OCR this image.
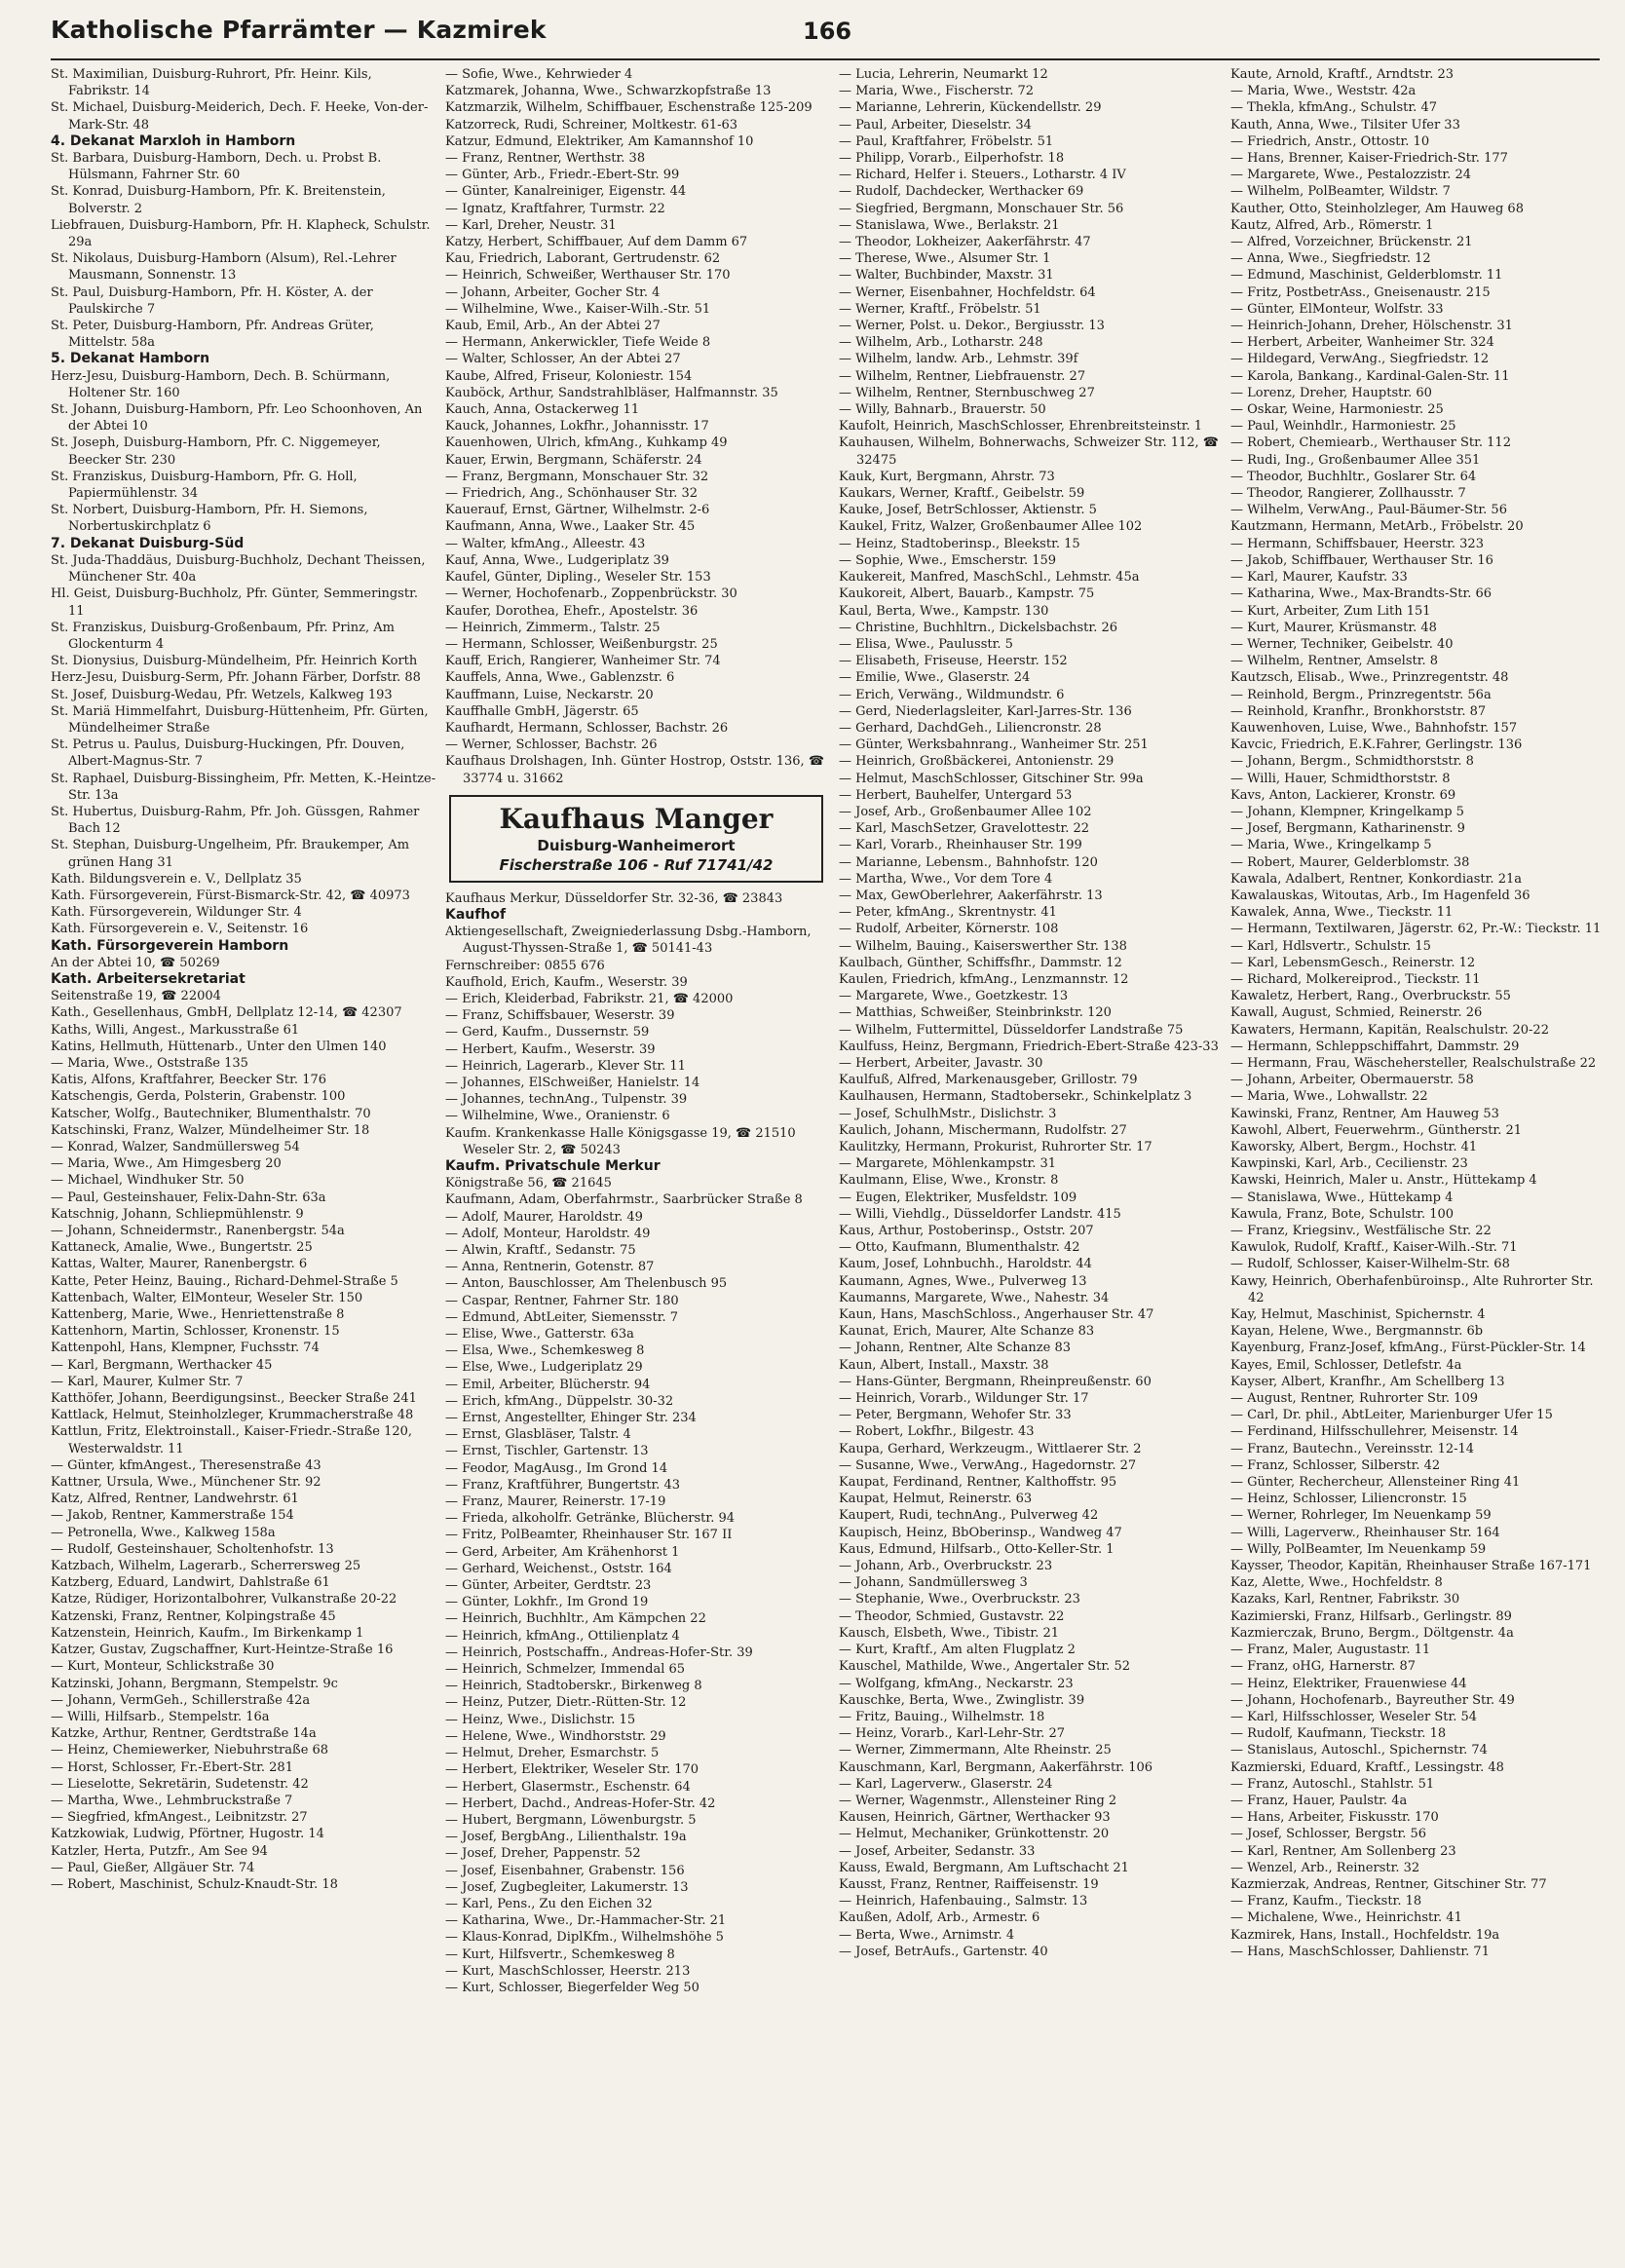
Katholische Pfarrämter — Kazmirek	166
St. Maximilian, Duisburg-Ruhrort, Pfr. Heinr. Kils, Fabrikstr. 14
St. Michael, Duisburg-Meiderich, Dech. F. Heeke, Von-der-Mark-Str. 48
4. Dekanat Marxloh in Hamborn
St. Barbara, Duisburg-Hamborn, Dech. u. Probst B. Hülsmann, Fahrner Str. 60
St. Konrad, Duisburg-Hamborn, Pfr. K. Breitenstein, Bolverstr. 2
Liebfrauen, Duisburg-Hamborn, Pfr. H. Klapheck, Schulstr. 29a
St. Nikolaus, Duisburg-Hamborn (Alsum), Rel.-Lehrer Mausmann, Sonnenstr. 13
St. Paul, Duisburg-Hamborn, Pfr. H. Köster, A. der Paulskirche 7
St. Peter, Duisburg-Hamborn, Pfr. Andreas Grüter, Mittelstr. 58a
5. Dekanat Hamborn
Herz-Jesu, Duisburg-Hamborn, Dech. B. Schürmann, Holtener Str. 160
St. Johann, Duisburg-Hamborn, Pfr. Leo Schoonhoven, An der Abtei 10
St. Joseph, Duisburg-Hamborn, Pfr. C. Niggemeyer, Beecker Str. 230
St. Franziskus, Duisburg-Hamborn, Pfr. G. Holl, Papiermühlenstr. 34
St. Norbert, Duisburg-Hamborn, Pfr. H. Siemons, Norbertuskirchplatz 6
7. Dekanat Duisburg-Süd
St. Juda-Thaddäus, Duisburg-Buchholz, Dechant Theissen, Münchener Str. 40a
Hl. Geist, Duisburg-Buchholz, Pfr. Günter, Semmeringstr. 11
St. Franziskus, Duisburg-Großenbaum, Pfr. Prinz, Am Glockenturm 4
St. Dionysius, Duisburg-Mündelheim, Pfr. Heinrich Korth
Herz-Jesu, Duisburg-Serm, Pfr. Johann Färber, Dorfstr. 88
St. Josef, Duisburg-Wedau, Pfr. Wetzels, Kalkweg 193
St. Mariä Himmelfahrt, Duisburg-Hüttenheim, Pfr. Gürten, Mündelheimer Straße
St. Petrus u. Paulus, Duisburg-Huckingen, Pfr. Douven, Albert-Magnus-Str. 7
St. Raphael, Duisburg-Bissingheim, Pfr. Metten, K.-Heintze-Str. 13a
St. Hubertus, Duisburg-Rahm, Pfr. Joh. Güssgen, Rahmer Bach 12
St. Stephan, Duisburg-Ungelheim, Pfr. Braukemper, Am grünen Hang 31
Kath. Bildungsverein e. V., Dellplatz 35
Kath. Fürsorgeverein, Fürst-Bismarck-Str. 42, ☎ 40973
Kath. Fürsorgeverein, Wildunger Str. 4
Kath. Fürsorgeverein e. V., Seitenstr. 16
Kath. Fürsorgeverein Hamborn
An der Abtei 10, ☎ 50269
Kath. Arbeitersekretariat
Seitenstraße 19, ☎ 22004
Kath., Gesellenhaus, GmbH, Dellplatz 12-14, ☎ 42307
Kaths, Willi, Angest., Markusstraße 61
Katins, Hellmuth, Hüttenarb., Unter den Ulmen 140
— Maria, Wwe., Oststraße 135
Katis, Alfons, Kraftfahrer, Beecker Str. 176
Katschengis, Gerda, Polsterin, Grabenstr. 100
Katscher, Wolfg., Bautechniker, Blumenthalstr. 70
Katschinski, Franz, Walzer, Mündelheimer Str. 18
— Konrad, Walzer, Sandmüllersweg 54
— Maria, Wwe., Am Himgesberg 20
— Michael, Windhuker Str. 50
— Paul, Gesteinshauer, Felix-Dahn-Str. 63a
Katschnig, Johann, Schliepmühlenstr. 9
— Johann, Schneidermstr., Ranenbergstr. 54a
Kattaneck, Amalie, Wwe., Bungertstr. 25
Kattas, Walter, Maurer, Ranenbergstr. 6
Katte, Peter Heinz, Bauing., Richard-Dehmel-Straße 5
Kattenbach, Walter, ElMonteur, Weseler Str. 150
Kattenberg, Marie, Wwe., Henriettenstraße 8
Kattenhorn, Martin, Schlosser, Kronenstr. 15
Kattenpohl, Hans, Klempner, Fuchsstr. 74
— Karl, Bergmann, Werthacker 45
— Karl, Maurer, Kulmer Str. 7
Katthöfer, Johann, Beerdigungsinst., Beecker Straße 241
Kattlack, Helmut, Steinholzleger, Krummacherstraße 48
Kattlun, Fritz, Elektroinstall., Kaiser-Friedr.-Straße 120, Westerwaldstr. 11
— Günter, kfmAngest., Theresenstraße 43
Kattner, Ursula, Wwe., Münchener Str. 92
Katz, Alfred, Rentner, Landwehrstr. 61
— Jakob, Rentner, Kammerstraße 154
— Petronella, Wwe., Kalkweg 158a
— Rudolf, Gesteinshauer, Scholtenhofstr. 13
Katzbach, Wilhelm, Lagerarb., Scherrersweg 25
Katzberg, Eduard, Landwirt, Dahlstraße 61
Katze, Rüdiger, Horizontalbohrer, Vulkanstraße 20-22
Katzenski, Franz, Rentner, Kolpingstraße 45
Katzenstein, Heinrich, Kaufm., Im Birkenkamp 1
Katzer, Gustav, Zugschaffner, Kurt-Heintze-Straße 16
— Kurt, Monteur, Schlickstraße 30
Katzinski, Johann, Bergmann, Stempelstr. 9c
— Johann, VermGeh., Schillerstraße 42a
— Willi, Hilfsarb., Stempelstr. 16a
Katzke, Arthur, Rentner, Gerdtstraße 14a
— Heinz, Chemiewerker, Niebuhrstraße 68
— Horst, Schlosser, Fr.-Ebert-Str. 281
— Lieselotte, Sekretärin, Sudetenstr. 42
— Martha, Wwe., Lehmbruckstraße 7
— Siegfried, kfmAngest., Leibnitzstr. 27
Katzkowiak, Ludwig, Pförtner, Hugostr. 14
Katzler, Herta, Putzfr., Am See 94
— Paul, Gießer, Allgäuer Str. 74
— Robert, Maschinist, Schulz-Knaudt-Str. 18
— Sofie, Wwe., Kehrwieder 4
Katzmarek, Johanna, Wwe., Schwarzkopfstraße 13
Katzmarzik, Wilhelm, Schiffbauer, Eschenstraße 125-209
Katzorreck, Rudi, Schreiner, Moltkestr. 61-63
Katzur, Edmund, Elektriker, Am Kamannshof 10
— Franz, Rentner, Werthstr. 38
— Günter, Arb., Friedr.-Ebert-Str. 99
— Günter, Kanalreiniger, Eigenstr. 44
— Ignatz, Kraftfahrer, Turmstr. 22
— Karl, Dreher, Neustr. 31
Katzy, Herbert, Schiffbauer, Auf dem Damm 67
Kau, Friedrich, Laborant, Gertrudenstr. 62
— Heinrich, Schweißer, Werthauser Str. 170
— Johann, Arbeiter, Gocher Str. 4
— Wilhelmine, Wwe., Kaiser-Wilh.-Str. 51
Kaub, Emil, Arb., An der Abtei 27
— Hermann, Ankerwickler, Tiefe Weide 8
— Walter, Schlosser, An der Abtei 27
Kaube, Alfred, Friseur, Koloniestr. 154
Kauböck, Arthur, Sandstrahlbläser, Halfmannstr. 35
Kauch, Anna, Ostackerweg 11
Kauck, Johannes, Lokfhr., Johannisstr. 17
Kauenhowen, Ulrich, kfmAng., Kuhkamp 49
Kauer, Erwin, Bergmann, Schäferstr. 24
— Franz, Bergmann, Monschauer Str. 32
— Friedrich, Ang., Schönhauser Str. 32
Kauerauf, Ernst, Gärtner, Wilhelmstr. 2-6
Kaufmann, Anna, Wwe., Laaker Str. 45
— Walter, kfmAng., Alleestr. 43
Kauf, Anna, Wwe., Ludgeriplatz 39
Kaufel, Günter, Dipling., Weseler Str. 153
— Werner, Hochofenarb., Zoppenbrückstr. 30
Kaufer, Dorothea, Ehefr., Apostelstr. 36
— Heinrich, Zimmerm., Talstr. 25
— Hermann, Schlosser, Weißenburgstr. 25
Kauff, Erich, Rangierer, Wanheimer Str. 74
Kauffels, Anna, Wwe., Gablenzstr. 6
Kauffmann, Luise, Neckarstr. 20
Kauffhalle GmbH, Jägerstr. 65
Kaufhardt, Hermann, Schlosser, Bachstr. 26
— Werner, Schlosser, Bachstr. 26
Kaufhaus Drolshagen, Inh. Günter Hostrop, Oststr. 136, ☎ 33774 u. 31662
Kaufhaus Manger
Duisburg-Wanheimerort
Fischerstraße 106 - Ruf 71741/42
Kaufhaus Merkur, Düsseldorfer Str. 32-36, ☎ 23843
Kaufhof
Aktiengesellschaft, Zweigniederlassung Dsbg.-Hamborn, August-Thyssen-Straße 1, ☎ 50141-43
Fernschreiber: 0855 676
Kaufhold, Erich, Kaufm., Weserstr. 39
— Erich, Kleiderbad, Fabrikstr. 21, ☎ 42000
— Franz, Schiffsbauer, Weserstr. 39
— Gerd, Kaufm., Dussernstr. 59
— Herbert, Kaufm., Weserstr. 39
— Heinrich, Lagerarb., Klever Str. 11
— Johannes, ElSchweißer, Hanielstr. 14
— Johannes, technAng., Tulpenstr. 39
— Wilhelmine, Wwe., Oranienstr. 6
Kaufm. Krankenkasse Halle Königsgasse 19, ☎ 21510 Weseler Str. 2, ☎ 50243
Kaufm. Privatschule Merkur
Königstraße 56, ☎ 21645
Kaufmann, Adam, Oberfahrmstr., Saarbrücker Straße 8
— Adolf, Maurer, Haroldstr. 49
— Adolf, Monteur, Haroldstr. 49
— Alwin, Kraftf., Sedanstr. 75
— Anna, Rentnerin, Gotenstr. 87
— Anton, Bauschlosser, Am Thelenbusch 95
— Caspar, Rentner, Fahrner Str. 180
— Edmund, AbtLeiter, Siemensstr. 7
— Elise, Wwe., Gatterstr. 63a
— Elsa, Wwe., Schemkesweg 8
— Else, Wwe., Ludgeriplatz 29
— Emil, Arbeiter, Blücherstr. 94
— Erich, kfmAng., Düppelstr. 30-32
— Ernst, Angestellter, Ehinger Str. 234
— Ernst, Glasbläser, Talstr. 4
— Ernst, Tischler, Gartenstr. 13
— Feodor, MagAusg., Im Grond 14
— Franz, Kraftführer, Bungertstr. 43
— Franz, Maurer, Reinerstr. 17-19
— Frieda, alkoholfr. Getränke, Blücherstr. 94
— Fritz, PolBeamter, Rheinhauser Str. 167 II
— Gerd, Arbeiter, Am Krähenhorst 1
— Gerhard, Weichenst., Oststr. 164
— Günter, Arbeiter, Gerdtstr. 23
— Günter, Lokhfr., Im Grond 19
— Heinrich, Buchhltr., Am Kämpchen 22
— Heinrich, kfmAng., Ottilienplatz 4
— Heinrich, Postschaffn., Andreas-Hofer-Str. 39
— Heinrich, Schmelzer, Immendal 65
— Heinrich, Stadtoberskr., Birkenweg 8
— Heinz, Putzer, Dietr.-Rütten-Str. 12
— Heinz, Wwe., Dislichstr. 15
— Helene, Wwe., Windhorststr. 29
— Helmut, Dreher, Esmarchstr. 5
— Herbert, Elektriker, Weseler Str. 170
— Herbert, Glasermstr., Eschenstr. 64
— Herbert, Dachd., Andreas-Hofer-Str. 42
— Hubert, Bergmann, Löwenburgstr. 5
— Josef, BergbAng., Lilienthalstr. 19a
— Josef, Dreher, Pappenstr. 52
— Josef, Eisenbahner, Grabenstr. 156
— Josef, Zugbegleiter, Lakumerstr. 13
— Karl, Pens., Zu den Eichen 32
— Katharina, Wwe., Dr.-Hammacher-Str. 21
— Klaus-Konrad, DiplKfm., Wilhelmshöhe 5
— Kurt, Hilfsvertr., Schemkesweg 8
— Kurt, MaschSchlosser, Heerstr. 213
— Kurt, Schlosser, Biegerfelder Weg 50
— Lucia, Lehrerin, Neumarkt 12
— Maria, Wwe., Fischerstr. 72
— Marianne, Lehrerin, Kückendellstr. 29
— Paul, Arbeiter, Dieselstr. 34
— Paul, Kraftfahrer, Fröbelstr. 51
— Philipp, Vorarb., Eilperhofstr. 18
— Richard, Helfer i. Steuers., Lotharstr. 4 IV
— Rudolf, Dachdecker, Werthacker 69
— Siegfried, Bergmann, Monschauer Str. 56
— Stanislawa, Wwe., Berlakstr. 21
— Theodor, Lokheizer, Aakerfährstr. 47
— Therese, Wwe., Alsumer Str. 1
— Walter, Buchbinder, Maxstr. 31
— Werner, Eisenbahner, Hochfeldstr. 64
— Werner, Kraftf., Fröbelstr. 51
— Werner, Polst. u. Dekor., Bergiusstr. 13
— Wilhelm, Arb., Lotharstr. 248
— Wilhelm, landw. Arb., Lehmstr. 39f
— Wilhelm, Rentner, Liebfrauenstr. 27
— Wilhelm, Rentner, Sternbuschweg 27
— Willy, Bahnarb., Brauerstr. 50
Kaufolt, Heinrich, MaschSchlosser, Ehrenbreitsteinstr. 1
Kauhausen, Wilhelm, Bohnerwachs, Schweizer Str. 112, ☎ 32475
Kauk, Kurt, Bergmann, Ahrstr. 73
Kaukars, Werner, Kraftf., Geibelstr. 59
Kauke, Josef, BetrSchlosser, Aktienstr. 5
Kaukel, Fritz, Walzer, Großenbaumer Allee 102
— Heinz, Stadtoberinsp., Bleekstr. 15
— Sophie, Wwe., Emscherstr. 159
Kaukereit, Manfred, MaschSchl., Lehmstr. 45a
Kaukoreit, Albert, Bauarb., Kampstr. 75
Kaul, Berta, Wwe., Kampstr. 130
— Christine, Buchhltrn., Dickelsbachstr. 26
— Elisa, Wwe., Paulusstr. 5
— Elisabeth, Friseuse, Heerstr. 152
— Emilie, Wwe., Glaserstr. 24
— Erich, Verwäng., Wildmundstr. 6
— Gerd, Niederlagsleiter, Karl-Jarres-Str. 136
— Gerhard, DachdGeh., Liliencronstr. 28
— Günter, Werksbahnrang., Wanheimer Str. 251
— Heinrich, Großbäckerei, Antonienstr. 29
— Helmut, MaschSchlosser, Gitschiner Str. 99a
— Herbert, Bauhelfer, Untergard 53
— Josef, Arb., Großenbaumer Allee 102
— Karl, MaschSetzer, Gravelottestr. 22
— Karl, Vorarb., Rheinhauser Str. 199
— Marianne, Lebensm., Bahnhofstr. 120
— Martha, Wwe., Vor dem Tore 4
— Max, GewOberlehrer, Aakerfährstr. 13
— Peter, kfmAng., Skrentnystr. 41
— Rudolf, Arbeiter, Körnerstr. 108
— Wilhelm, Bauing., Kaiserswerther Str. 138
Kaulbach, Günther, Schiffsfhr., Dammstr. 12
Kaulen, Friedrich, kfmAng., Lenzmannstr. 12
— Margarete, Wwe., Goetzkestr. 13
— Matthias, Schweißer, Steinbrinkstr. 120
— Wilhelm, Futtermittel, Düsseldorfer Landstraße 75
Kaulfuss, Heinz, Bergmann, Friedrich-Ebert-Straße 423-33
— Herbert, Arbeiter, Javastr. 30
Kaulfuß, Alfred, Markenausgeber, Grillostr. 79
Kaulhausen, Hermann, Stadtobersekr., Schinkelplatz 3
— Josef, SchulhMstr., Dislichstr. 3
Kaulich, Johann, Mischermann, Rudolfstr. 27
Kaulitzky, Hermann, Prokurist, Ruhrorter Str. 17
— Margarete, Möhlenkampstr. 31
Kaulmann, Elise, Wwe., Kronstr. 8
— Eugen, Elektriker, Musfeldstr. 109
— Willi, Viehdlg., Düsseldorfer Landstr. 415
Kaus, Arthur, Postoberinsp., Oststr. 207
— Otto, Kaufmann, Blumenthalstr. 42
Kaum, Josef, Lohnbuchh., Haroldstr. 44
Kaumann, Agnes, Wwe., Pulverweg 13
Kaumanns, Margarete, Wwe., Nahestr. 34
Kaun, Hans, MaschSchloss., Angerhauser Str. 47
Kaunat, Erich, Maurer, Alte Schanze 83
— Johann, Rentner, Alte Schanze 83
Kaun, Albert, Install., Maxstr. 38
— Hans-Günter, Bergmann, Rheinpreußenstr. 60
— Heinrich, Vorarb., Wildunger Str. 17
— Peter, Bergmann, Wehofer Str. 33
— Robert, Lokfhr., Bilgestr. 43
Kaupa, Gerhard, Werkzeugm., Wittlaerer Str. 2
— Susanne, Wwe., VerwAng., Hagedornstr. 27
Kaupat, Ferdinand, Rentner, Kalthoffstr. 95
Kaupat, Helmut, Reinerstr. 63
Kaupert, Rudi, technAng., Pulverweg 42
Kaupisch, Heinz, BbOberinsp., Wandweg 47
Kaus, Edmund, Hilfsarb., Otto-Keller-Str. 1
— Johann, Arb., Overbruckstr. 23
— Johann, Sandmüllersweg 3
— Stephanie, Wwe., Overbruckstr. 23
— Theodor, Schmied, Gustavstr. 22
Kausch, Elsbeth, Wwe., Tibistr. 21
— Kurt, Kraftf., Am alten Flugplatz 2
Kauschel, Mathilde, Wwe., Angertaler Str. 52
— Wolfgang, kfmAng., Neckarstr. 23
Kauschke, Berta, Wwe., Zwinglistr. 39
— Fritz, Bauing., Wilhelmstr. 18
— Heinz, Vorarb., Karl-Lehr-Str. 27
— Werner, Zimmermann, Alte Rheinstr. 25
Kauschmann, Karl, Bergmann, Aakerfährstr. 106
— Karl, Lagerverw., Glaserstr. 24
— Werner, Wagenmstr., Allensteiner Ring 2
Kausen, Heinrich, Gärtner, Werthacker 93
— Helmut, Mechaniker, Grünkottenstr. 20
— Josef, Arbeiter, Sedanstr. 33
Kauss, Ewald, Bergmann, Am Luftschacht 21
Kausst, Franz, Rentner, Raiffeisenstr. 19
— Heinrich, Hafenbauing., Salmstr. 13
Kaußen, Adolf, Arb., Armestr. 6
— Berta, Wwe., Arnimstr. 4
— Josef, BetrAufs., Gartenstr. 40
Kaute, Arnold, Kraftf., Arndtstr. 23
— Maria, Wwe., Weststr. 42a
— Thekla, kfmAng., Schulstr. 47
Kauth, Anna, Wwe., Tilsiter Ufer 33
— Friedrich, Anstr., Ottostr. 10
— Hans, Brenner, Kaiser-Friedrich-Str. 177
— Margarete, Wwe., Pestalozzistr. 24
— Wilhelm, PolBeamter, Wildstr. 7
Kauther, Otto, Steinholzleger, Am Hauweg 68
Kautz, Alfred, Arb., Römerstr. 1
— Alfred, Vorzeichner, Brückenstr. 21
— Anna, Wwe., Siegfriedstr. 12
— Edmund, Maschinist, Gelderblomstr. 11
— Fritz, PostbetrAss., Gneisenaustr. 215
— Günter, ElMonteur, Wolfstr. 33
— Heinrich-Johann, Dreher, Hölschenstr. 31
— Herbert, Arbeiter, Wanheimer Str. 324
— Hildegard, VerwAng., Siegfriedstr. 12
— Karola, Bankang., Kardinal-Galen-Str. 11
— Lorenz, Dreher, Hauptstr. 60
— Oskar, Weine, Harmoniestr. 25
— Paul, Weinhdlr., Harmoniestr. 25
— Robert, Chemiearb., Werthauser Str. 112
— Rudi, Ing., Großenbaumer Allee 351
— Theodor, Buchhltr., Goslarer Str. 64
— Theodor, Rangierer, Zollhausstr. 7
— Wilhelm, VerwAng., Paul-Bäumer-Str. 56
Kautzmann, Hermann, MetArb., Fröbelstr. 20
— Hermann, Schiffsbauer, Heerstr. 323
— Jakob, Schiffbauer, Werthauser Str. 16
— Karl, Maurer, Kaufstr. 33
— Katharina, Wwe., Max-Brandts-Str. 66
— Kurt, Arbeiter, Zum Lith 151
— Kurt, Maurer, Krüsmanstr. 48
— Werner, Techniker, Geibelstr. 40
— Wilhelm, Rentner, Amselstr. 8
Kautzsch, Elisab., Wwe., Prinzregentstr. 48
— Reinhold, Bergm., Prinzregentstr. 56a
— Reinhold, Kranfhr., Bronkhorststr. 87
Kauwenhoven, Luise, Wwe., Bahnhofstr. 157
Kavcic, Friedrich, E.K.Fahrer, Gerlingstr. 136
— Johann, Bergm., Schmidthorststr. 8
— Willi, Hauer, Schmidthorststr. 8
Kavs, Anton, Lackierer, Kronstr. 69
— Johann, Klempner, Kringelkamp 5
— Josef, Bergmann, Katharinenstr. 9
— Maria, Wwe., Kringelkamp 5
— Robert, Maurer, Gelderblomstr. 38
Kawala, Adalbert, Rentner, Konkordiastr. 21a
Kawalauskas, Witoutas, Arb., Im Hagenfeld 36
Kawalek, Anna, Wwe., Tieckstr. 11
— Hermann, Textilwaren, Jägerstr. 62, Pr.-W.: Tieckstr. 11
— Karl, Hdlsvertr., Schulstr. 15
— Karl, LebensmGesch., Reinerstr. 12
— Richard, Molkereiprod., Tieckstr. 11
Kawaletz, Herbert, Rang., Overbruckstr. 55
Kawall, August, Schmied, Reinerstr. 26
Kawaters, Hermann, Kapitän, Realschulstr. 20-22
— Hermann, Schleppschiffahrt, Dammstr. 29
— Hermann, Frau, Wäschehersteller, Realschulstraße 22
— Johann, Arbeiter, Obermauerstr. 58
— Maria, Wwe., Lohwallstr. 22
Kawinski, Franz, Rentner, Am Hauweg 53
Kawohl, Albert, Feuerwehrm., Güntherstr. 21
Kaworsky, Albert, Bergm., Hochstr. 41
Kawpinski, Karl, Arb., Cecilienstr. 23
Kawski, Heinrich, Maler u. Anstr., Hüttekamp 4
— Stanislawa, Wwe., Hüttekamp 4
Kawula, Franz, Bote, Schulstr. 100
— Franz, Kriegsinv., Westfälische Str. 22
Kawulok, Rudolf, Kraftf., Kaiser-Wilh.-Str. 71
— Rudolf, Schlosser, Kaiser-Wilhelm-Str. 68
Kawy, Heinrich, Oberhafenbüroinsp., Alte Ruhrorter Str. 42
Kay, Helmut, Maschinist, Spichernstr. 4
Kayan, Helene, Wwe., Bergmannstr. 6b
Kayenburg, Franz-Josef, kfmAng., Fürst-Pückler-Str. 14
Kayes, Emil, Schlosser, Detlefstr. 4a
Kayser, Albert, Kranfhr., Am Schellberg 13
— August, Rentner, Ruhrorter Str. 109
— Carl, Dr. phil., AbtLeiter, Marienburger Ufer 15
— Ferdinand, Hilfsschullehrer, Meisenstr. 14
— Franz, Bautechn., Vereinsstr. 12-14
— Franz, Schlosser, Silberstr. 42
— Günter, Rechercheur, Allensteiner Ring 41
— Heinz, Schlosser, Liliencronstr. 15
— Werner, Rohrleger, Im Neuenkamp 59
— Willi, Lagerverw., Rheinhauser Str. 164
— Willy, PolBeamter, Im Neuenkamp 59
Kaysser, Theodor, Kapitän, Rheinhauser Straße 167-171
Kaz, Alette, Wwe., Hochfeldstr. 8
Kazaks, Karl, Rentner, Fabrikstr. 30
Kazimierski, Franz, Hilfsarb., Gerlingstr. 89
Kazmierczak, Bruno, Bergm., Döltgenstr. 4a
— Franz, Maler, Augustastr. 11
— Franz, oHG, Harnerstr. 87
— Heinz, Elektriker, Frauenwiese 44
— Johann, Hochofenarb., Bayreuther Str. 49
— Karl, Hilfsschlosser, Weseler Str. 54
— Rudolf, Kaufmann, Tieckstr. 18
— Stanislaus, Autoschl., Spichernstr. 74
Kazmierski, Eduard, Kraftf., Lessingstr. 48
— Franz, Autoschl., Stahlstr. 51
— Franz, Hauer, Paulstr. 4a
— Hans, Arbeiter, Fiskusstr. 170
— Josef, Schlosser, Bergstr. 56
— Karl, Rentner, Am Sollenberg 23
— Wenzel, Arb., Reinerstr. 32
Kazmierzak, Andreas, Rentner, Gitschiner Str. 77
— Franz, Kaufm., Tieckstr. 18
— Michalene, Wwe., Heinrichstr. 41
Kazmirek, Hans, Install., Hochfeldstr. 19a
— Hans, MaschSchlosser, Dahlienstr. 71
